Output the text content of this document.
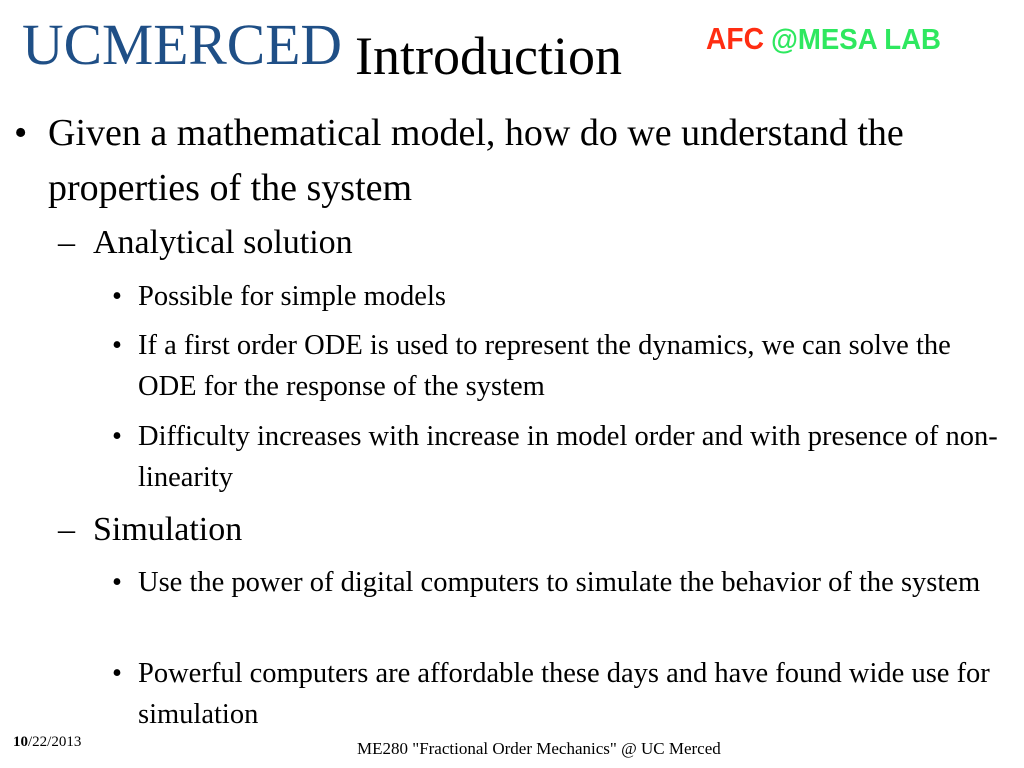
UCMERCED Introduction	AFC @MESA LAB
• Given a mathematical model, how do we understand the properties of the system
– Analytical solution
• Possible for simple models
• If a first order ODE is used to represent the dynamics, we can solve the ODE for the response of the system
• Difficulty increases with increase in model order and with presence of non-linearity
– Simulation
• Use the power of digital computers to simulate the behavior of the system
• Powerful computers are affordable these days and have found wide use for simulation
10/22/2013	ME280 "Fractional Order Mechanics" @ UC Merced
